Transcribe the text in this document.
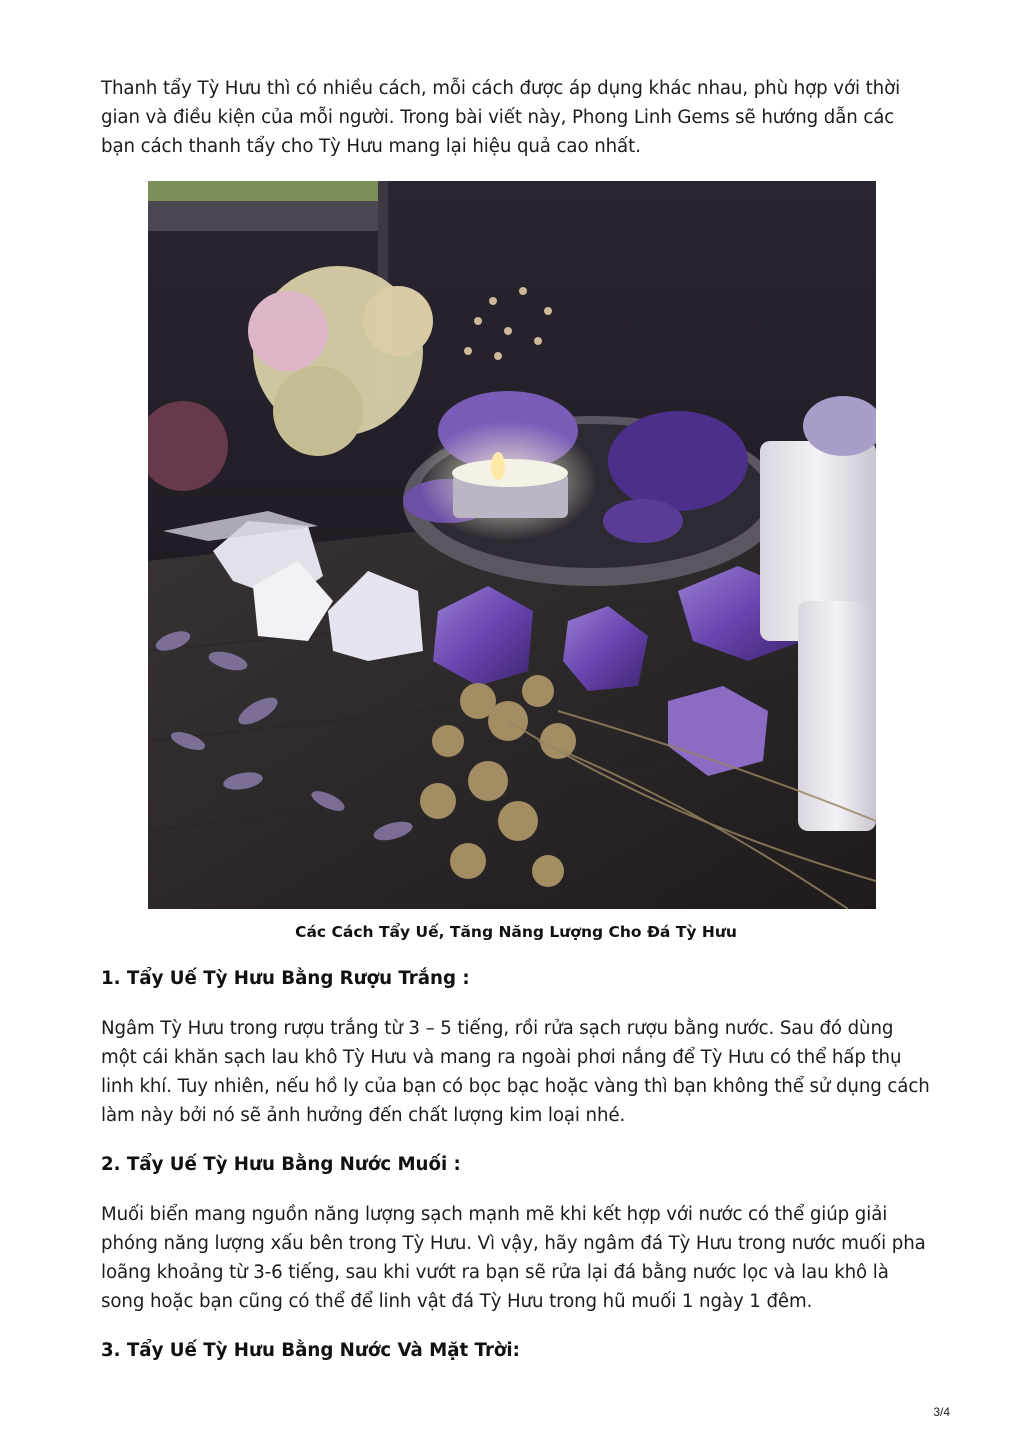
Thanh tẩy Tỳ Hưu thì có nhiều cách, mỗi cách được áp dụng khác nhau, phù hợp với thời gian và điều kiện của mỗi người. Trong bài viết này, Phong Linh Gems sẽ hướng dẫn các bạn cách thanh tẩy cho Tỳ Hưu mang lại hiệu quả cao nhất.

Các Cách Tẩy Uế, Tăng Năng Lượng Cho Đá Tỳ Hưu

1. Tẩy Uế Tỳ Hưu Bằng Rượu Trắng :

Ngâm Tỳ Hưu trong rượu trắng từ 3 – 5 tiếng, rồi rửa sạch rượu bằng nước. Sau đó dùng một cái khăn sạch lau khô Tỳ Hưu và mang ra ngoài phơi nắng để Tỳ Hưu có thể hấp thụ linh khí. Tuy nhiên, nếu hồ ly của bạn có bọc bạc hoặc vàng thì bạn không thể sử dụng cách làm này bởi nó sẽ ảnh hưởng đến chất lượng kim loại nhé.

2. Tẩy Uế Tỳ Hưu Bằng Nước Muối :

Muối biển mang nguồn năng lượng sạch mạnh mẽ khi kết hợp với nước có thể giúp giải phóng năng lượng xấu bên trong Tỳ Hưu. Vì vậy, hãy ngâm đá Tỳ Hưu trong nước muối pha loãng khoảng từ 3-6 tiếng, sau khi vướt ra bạn sẽ rửa lại đá bằng nước lọc và lau khô là song hoặc bạn cũng có thể để linh vật đá Tỳ Hưu trong hũ muối 1 ngày 1 đêm.

3. Tẩy Uế Tỳ Hưu Bằng Nước Và Mặt Trời:
3/4
